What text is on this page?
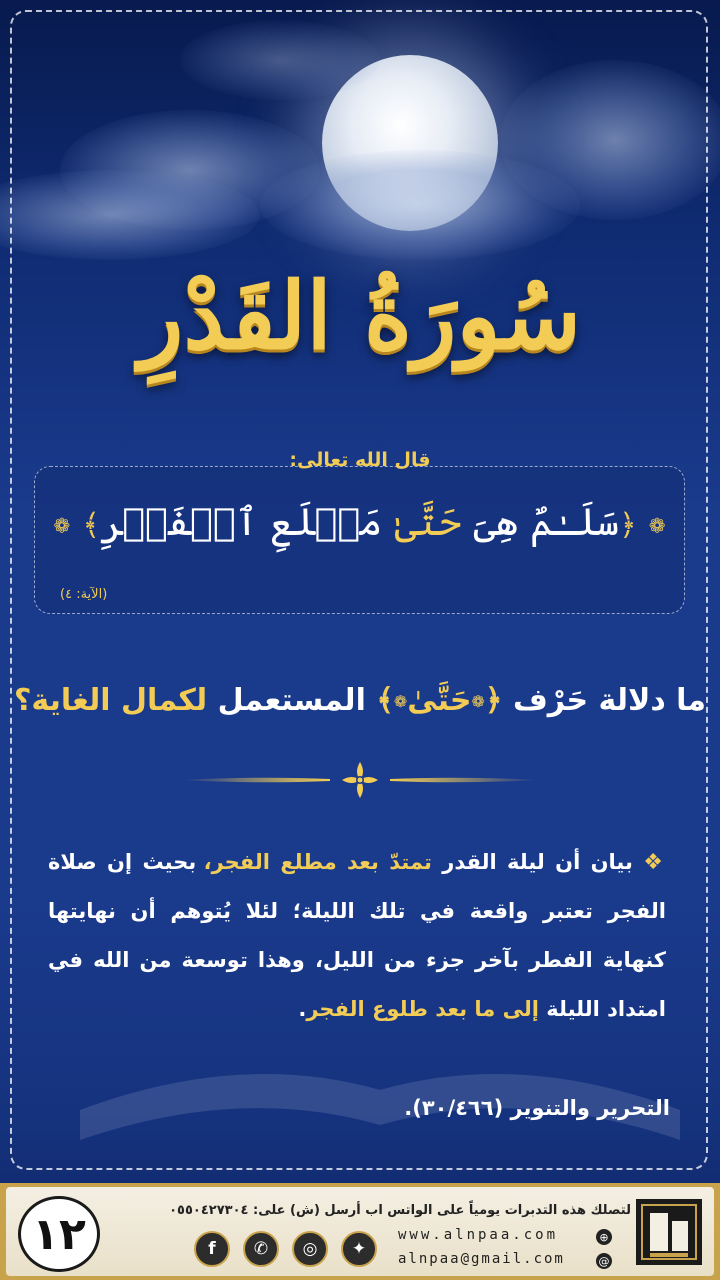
سُورَةُ القَدْرِ
قال الله تعالى:
❁ ﴿سَلَـٰمٌ هِیَ حَتَّىٰ مَطۡلَعِ ٱلۡفَجۡرِ﴾ ❁
(الآية: ٤)
ما دلالة حَرْف ﴿❁حَتَّىٰ❁﴾ المستعمل لكمال الغاية؟
❖ بيان أن ليلة القدر تمتدّ بعد مطلع الفجر، بحيث إن صلاة الفجر تعتبر واقعة في تلك الليلة؛ لئلا يُتوهم أن نهايتها كنهاية الفطر بآخر جزء من الليل، وهذا توسعة من الله في امتداد الليلة إلى ما بعد طلوع الفجر.
التحرير والتنوير (٣٠/٤٦٦).
١٢	لتصلك هذه التدبرات يومياً على الواتس اب أرسل (ش) على: ٠٥٥٠٤٢٧٣٠٤
f	✆	◎	✦
www.alnpaa.com	⊕
alnpaa@gmail.com	@
